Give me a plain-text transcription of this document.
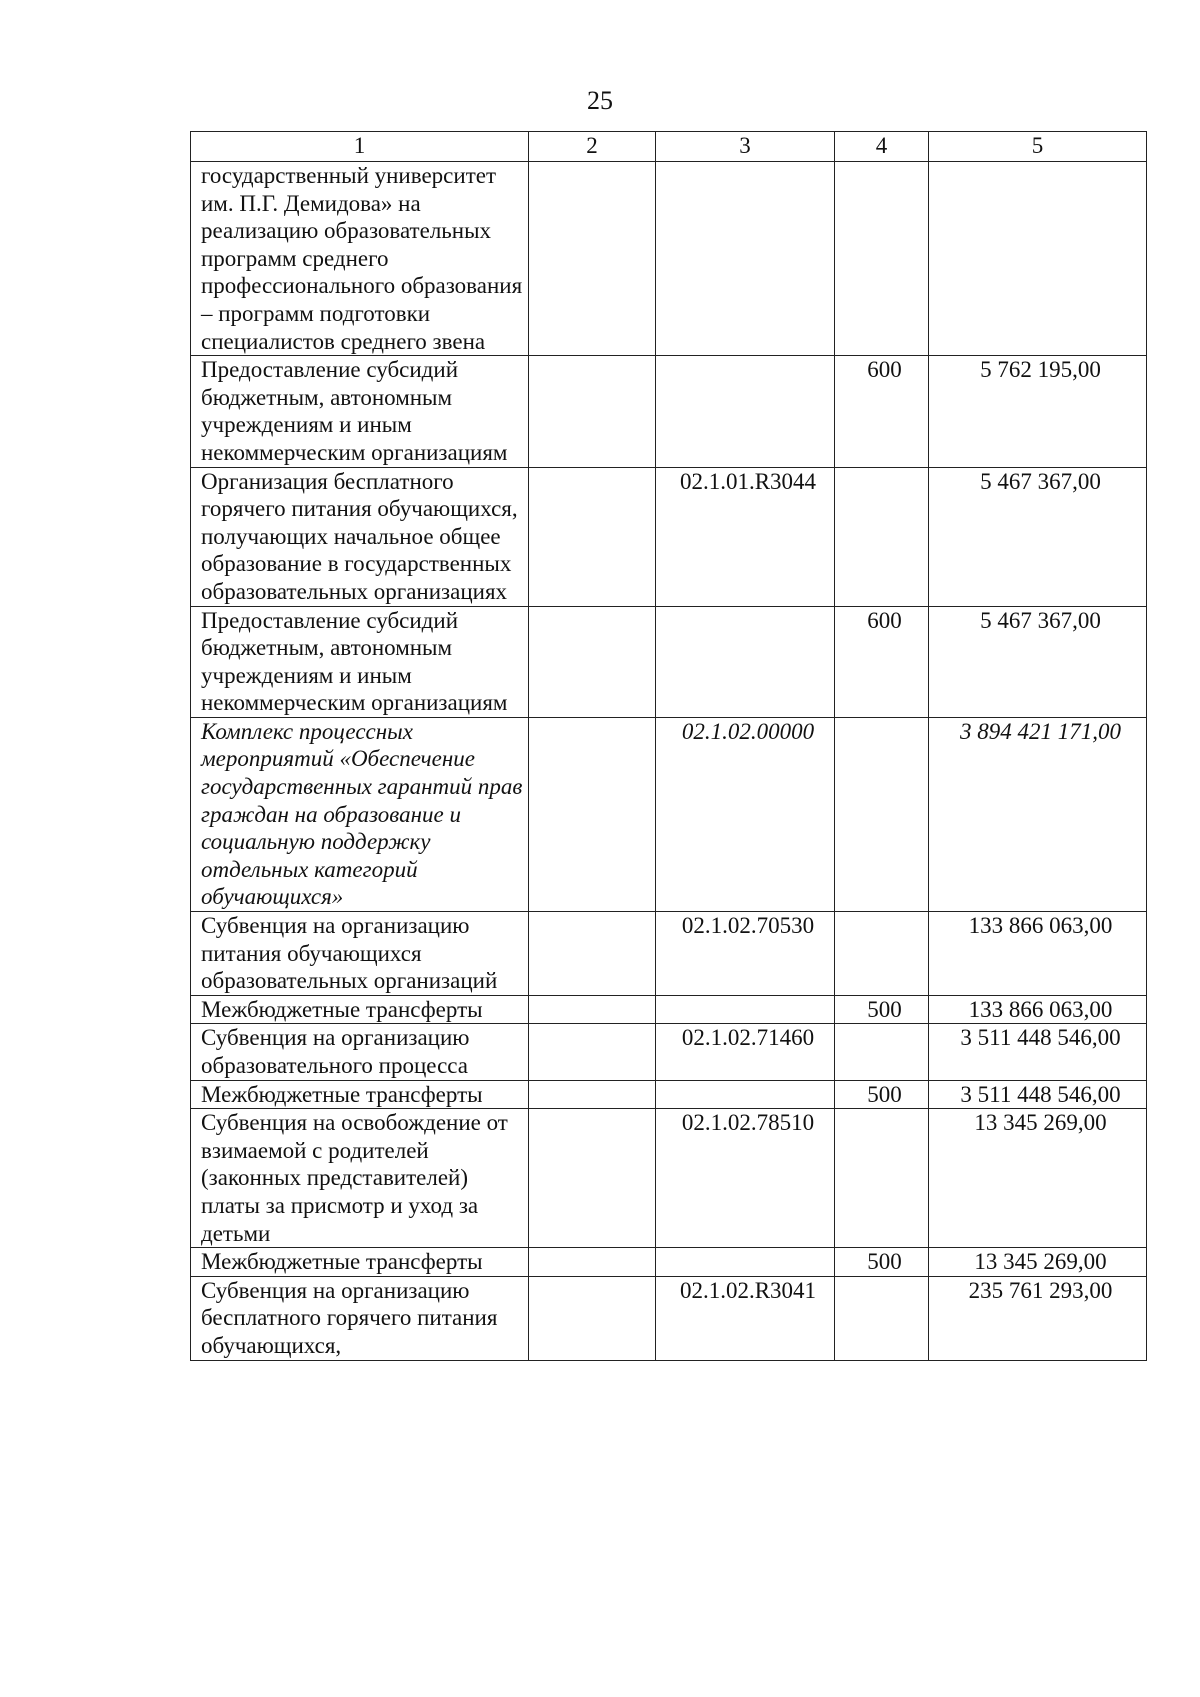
25
1	2	3	4	5
государственный университет им. П.Г. Демидова» на реализацию образовательных программ среднего профессионального образования – программ подготовки специалистов среднего звена				
Предоставление субсидий бюджетным, автономным учреждениям и иным некоммерческим организациям			600	5 762 195,00
Организация бесплатного горячего питания обучающихся, получающих начальное общее образование в государственных образовательных организациях		02.1.01.R3044		5 467 367,00
Предоставление субсидий бюджетным, автономным учреждениям и иным некоммерческим организациям			600	5 467 367,00
Комплекс процессных мероприятий «Обеспечение государственных гарантий прав граждан на образование и социальную поддержку отдельных категорий обучающихся»		02.1.02.00000		3 894 421 171,00
Субвенция на организацию питания обучающихся образовательных организаций		02.1.02.70530		133 866 063,00
Межбюджетные трансферты			500	133 866 063,00
Субвенция на организацию образовательного процесса		02.1.02.71460		3 511 448 546,00
Межбюджетные трансферты			500	3 511 448 546,00
Субвенция на освобождение от взимаемой с родителей (законных представителей) платы за присмотр и уход за детьми		02.1.02.78510		13 345 269,00
Межбюджетные трансферты			500	13 345 269,00
Субвенция на организацию бесплатного горячего питания обучающихся,		02.1.02.R3041		235 761 293,00
